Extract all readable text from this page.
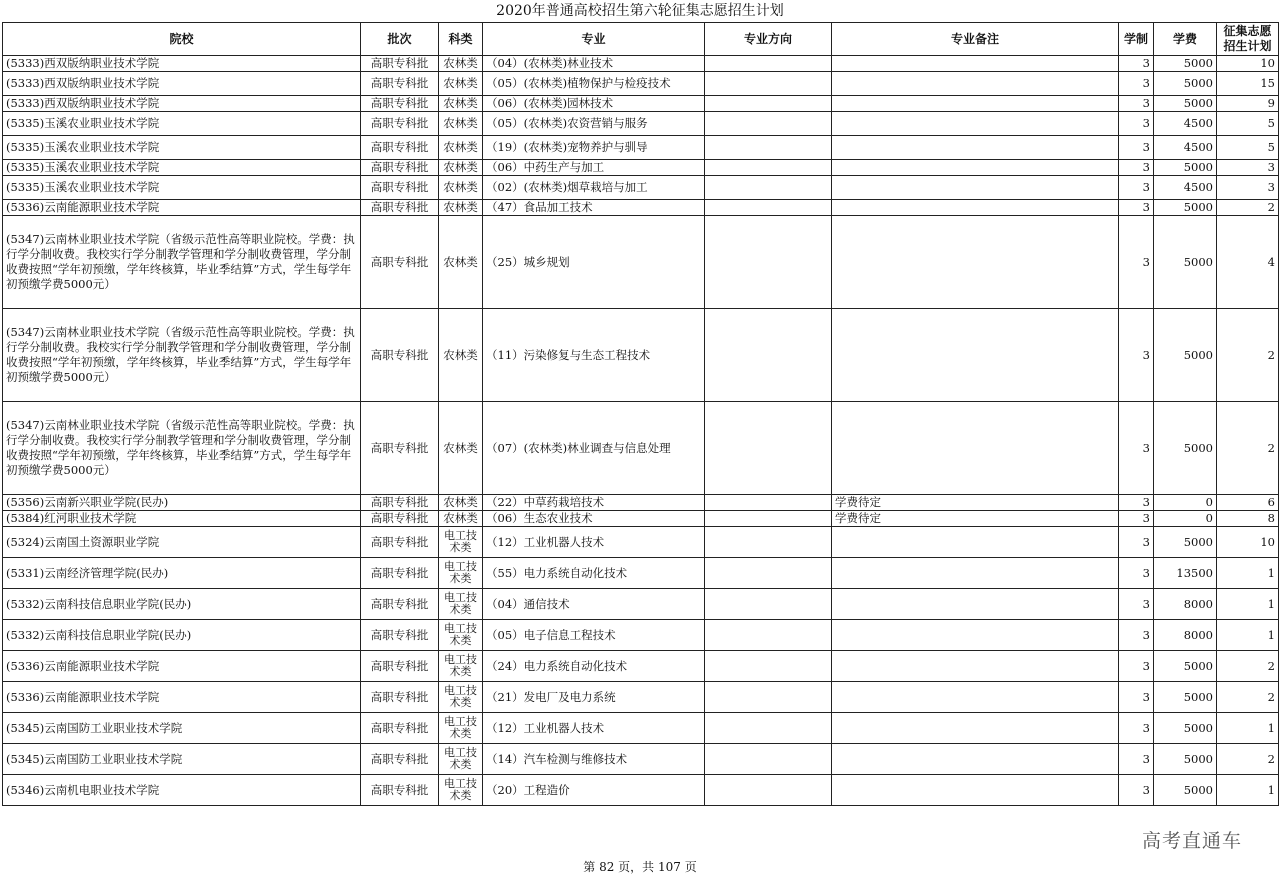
2020年普通高校招生第六轮征集志愿招生计划
院校	批次	科类	专业	专业方向	专业备注	学制	学费	征集志愿招生计划
(5333)西双版纳职业技术学院	高职专科批	农林类	（04）(农林类)林业技术			3	5000	10
(5333)西双版纳职业技术学院	高职专科批	农林类	（05）(农林类)植物保护与检疫技术			3	5000	15
(5333)西双版纳职业技术学院	高职专科批	农林类	（06）(农林类)园林技术			3	5000	9
(5335)玉溪农业职业技术学院	高职专科批	农林类	（05）(农林类)农资营销与服务			3	4500	5
(5335)玉溪农业职业技术学院	高职专科批	农林类	（19）(农林类)宠物养护与驯导			3	4500	5
(5335)玉溪农业职业技术学院	高职专科批	农林类	（06）中药生产与加工			3	5000	3
(5335)玉溪农业职业技术学院	高职专科批	农林类	（02）(农林类)烟草栽培与加工			3	4500	3
(5336)云南能源职业技术学院	高职专科批	农林类	（47）食品加工技术			3	5000	2
(5347)云南林业职业技术学院（省级示范性高等职业院校。学费：执行学分制收费。我校实行学分制教学管理和学分制收费管理，学分制收费按照“学年初预缴，学年终核算，毕业季结算”方式，学生每学年初预缴学费5000元）	高职专科批	农林类	（25）城乡规划			3	5000	4
(5347)云南林业职业技术学院（省级示范性高等职业院校。学费：执行学分制收费。我校实行学分制教学管理和学分制收费管理，学分制收费按照“学年初预缴，学年终核算，毕业季结算”方式，学生每学年初预缴学费5000元）	高职专科批	农林类	（11）污染修复与生态工程技术			3	5000	2
(5347)云南林业职业技术学院（省级示范性高等职业院校。学费：执行学分制收费。我校实行学分制教学管理和学分制收费管理，学分制收费按照“学年初预缴，学年终核算，毕业季结算”方式，学生每学年初预缴学费5000元）	高职专科批	农林类	（07）(农林类)林业调查与信息处理			3	5000	2
(5356)云南新兴职业学院(民办)	高职专科批	农林类	（22）中草药栽培技术		学费待定	3	0	6
(5384)红河职业技术学院	高职专科批	农林类	（06）生态农业技术		学费待定	3	0	8
(5324)云南国土资源职业学院	高职专科批	电工技术类	（12）工业机器人技术			3	5000	10
(5331)云南经济管理学院(民办)	高职专科批	电工技术类	（55）电力系统自动化技术			3	13500	1
(5332)云南科技信息职业学院(民办)	高职专科批	电工技术类	（04）通信技术			3	8000	1
(5332)云南科技信息职业学院(民办)	高职专科批	电工技术类	（05）电子信息工程技术			3	8000	1
(5336)云南能源职业技术学院	高职专科批	电工技术类	（24）电力系统自动化技术			3	5000	2
(5336)云南能源职业技术学院	高职专科批	电工技术类	（21）发电厂及电力系统			3	5000	2
(5345)云南国防工业职业技术学院	高职专科批	电工技术类	（12）工业机器人技术			3	5000	1
(5345)云南国防工业职业技术学院	高职专科批	电工技术类	（14）汽车检测与维修技术			3	5000	2
(5346)云南机电职业技术学院	高职专科批	电工技术类	（20）工程造价			3	5000	1
第 82 页，共 107 页
高考直通车
